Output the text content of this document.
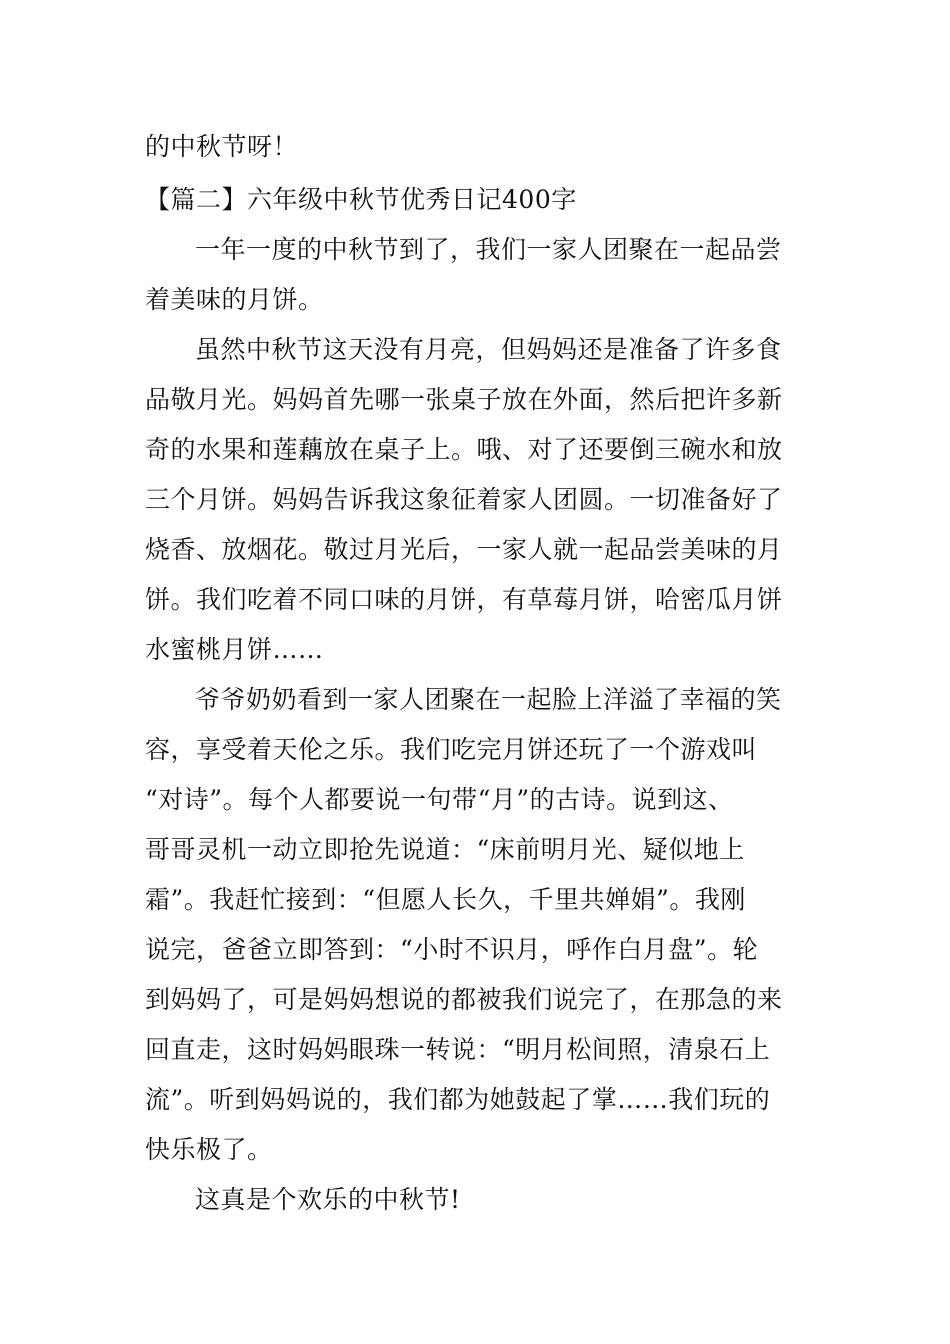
的中秋节呀！
【篇二】六年级中秋节优秀日记400字
一年一度的中秋节到了，我们一家人团聚在一起品尝
着美味的月饼。
虽然中秋节这天没有月亮，但妈妈还是准备了许多食
品敬月光。妈妈首先哪一张桌子放在外面，然后把许多新
奇的水果和莲藕放在桌子上。哦、对了还要倒三碗水和放
三个月饼。妈妈告诉我这象征着家人团圆。一切准备好了
烧香、放烟花。敬过月光后，一家人就一起品尝美味的月
饼。我们吃着不同口味的月饼，有草莓月饼，哈密瓜月饼
水蜜桃月饼……
爷爷奶奶看到一家人团聚在一起脸上洋溢了幸福的笑
容，享受着天伦之乐。我们吃完月饼还玩了一个游戏叫
“对诗”。每个人都要说一句带“月”的古诗。说到这、
哥哥灵机一动立即抢先说道：“床前明月光、疑似地上
霜”。我赶忙接到：“但愿人长久，千里共婵娟”。我刚
说完，爸爸立即答到：“小时不识月，呼作白月盘”。轮
到妈妈了，可是妈妈想说的都被我们说完了，在那急的来
回直走，这时妈妈眼珠一转说：“明月松间照，清泉石上
流”。听到妈妈说的，我们都为她鼓起了掌……我们玩的
快乐极了。
这真是个欢乐的中秋节!
